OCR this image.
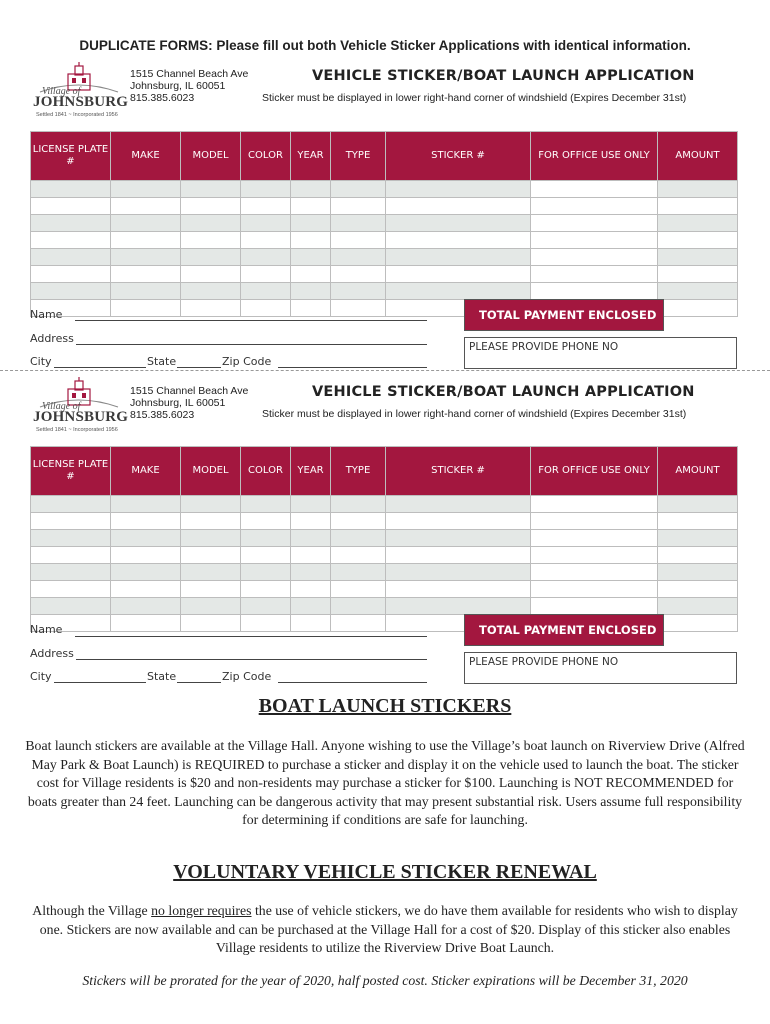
DUPLICATE FORMS: Please fill out both Vehicle Sticker Applications with identical information.
Village of
JOHNSBURG
Settled 1841 ~ Incorporated 1956
1515 Channel Beach Ave
Johnsburg, IL 60051
815.385.6023
VEHICLE STICKER/BOAT LAUNCH APPLICATION
Sticker must be displayed in lower right-hand corner of windshield (Expires December 31st)
LICENSE PLATE #	MAKE	MODEL	COLOR	YEAR	TYPE	STICKER #	FOR OFFICE USE ONLY	AMOUNT

Name
Address
City	State	Zip Code
TOTAL PAYMENT ENCLOSED
PLEASE PROVIDE PHONE NO
Village of
JOHNSBURG
Settled 1841 ~ Incorporated 1956
1515 Channel Beach Ave
Johnsburg, IL 60051
815.385.6023
VEHICLE STICKER/BOAT LAUNCH APPLICATION
Sticker must be displayed in lower right-hand corner of windshield (Expires December 31st)
LICENSE PLATE #	MAKE	MODEL	COLOR	YEAR	TYPE	STICKER #	FOR OFFICE USE ONLY	AMOUNT

Name
Address
City	State	Zip Code
TOTAL PAYMENT ENCLOSED
PLEASE PROVIDE PHONE NO
BOAT LAUNCH STICKERS
Boat launch stickers are available at the Village Hall. Anyone wishing to use the Village’s boat launch on Riverview Drive (Alfred May Park & Boat Launch) is REQUIRED to purchase a sticker and display it on the vehicle used to launch the boat. The sticker cost for Village residents is $20 and non-residents may purchase a sticker for $100. Launching is NOT RECOMMENDED for boats greater than 24 feet. Launching can be dangerous activity that may present substantial risk. Users assume full responsibility for determining if conditions are safe for launching.
VOLUNTARY VEHICLE STICKER RENEWAL
Although the Village no longer requires the use of vehicle stickers, we do have them available for residents who wish to display one. Stickers are now available and can be purchased at the Village Hall for a cost of $20. Display of this sticker also enables Village residents to utilize the Riverview Drive Boat Launch.
Stickers will be prorated for the year of 2020, half posted cost. Sticker expirations will be December 31, 2020
